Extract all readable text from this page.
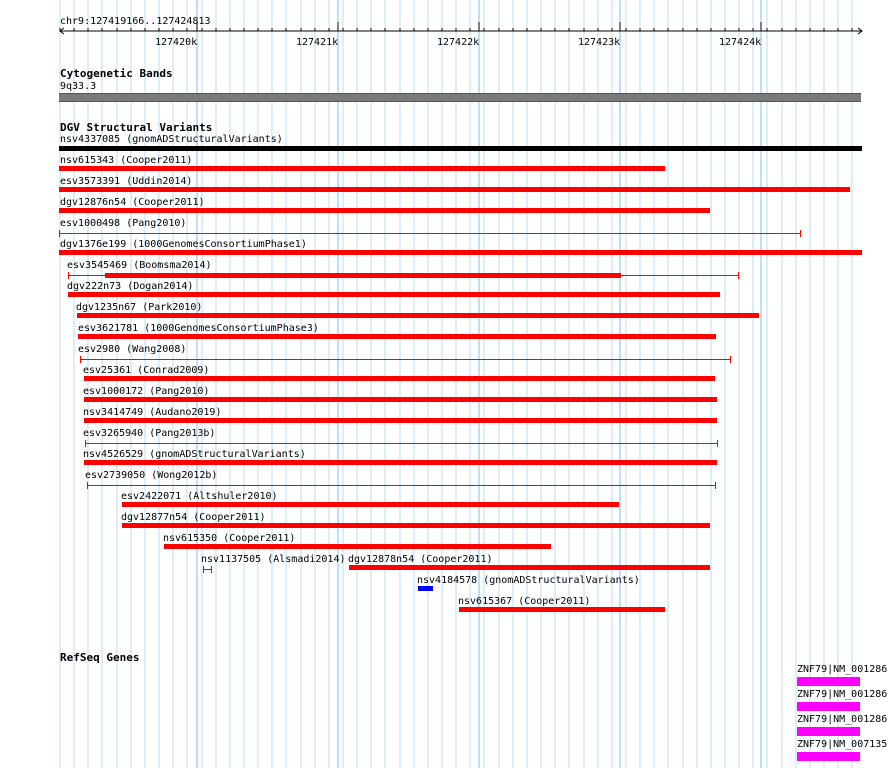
127420k	127421k	127422k	127423k	127424k
chr9:127419166..127424813
Cytogenetic Bands
9q33.3
DGV Structural Variants
nsv4337085 (gnomADStructuralVariants)
nsv615343 (Cooper2011)
esv3573391 (Uddin2014)
dgv12876n54 (Cooper2011)
esv1000498 (Pang2010)
dgv1376e199 (1000GenomesConsortiumPhase1)
esv3545469 (Boomsma2014)
dgv222n73 (Dogan2014)
dgv1235n67 (Park2010)
esv3621781 (1000GenomesConsortiumPhase3)
esv2980 (Wang2008)
esv25361 (Conrad2009)
esv1000172 (Pang2010)
nsv3414749 (Audano2019)
esv3265940 (Pang2013b)
nsv4526529 (gnomADStructuralVariants)
esv2739050 (Wong2012b)
esv2422071 (Altshuler2010)
dgv12877n54 (Cooper2011)
nsv615350 (Cooper2011)
nsv1137505 (Alsmadi2014) dgv12878n54 (Cooper2011)
nsv4184578 (gnomADStructuralVariants)
nsv615367 (Cooper2011)
RefSeq Genes
ZNF79|NM_001286
ZNF79|NM_001286
ZNF79|NM_001286
ZNF79|NM_007135
